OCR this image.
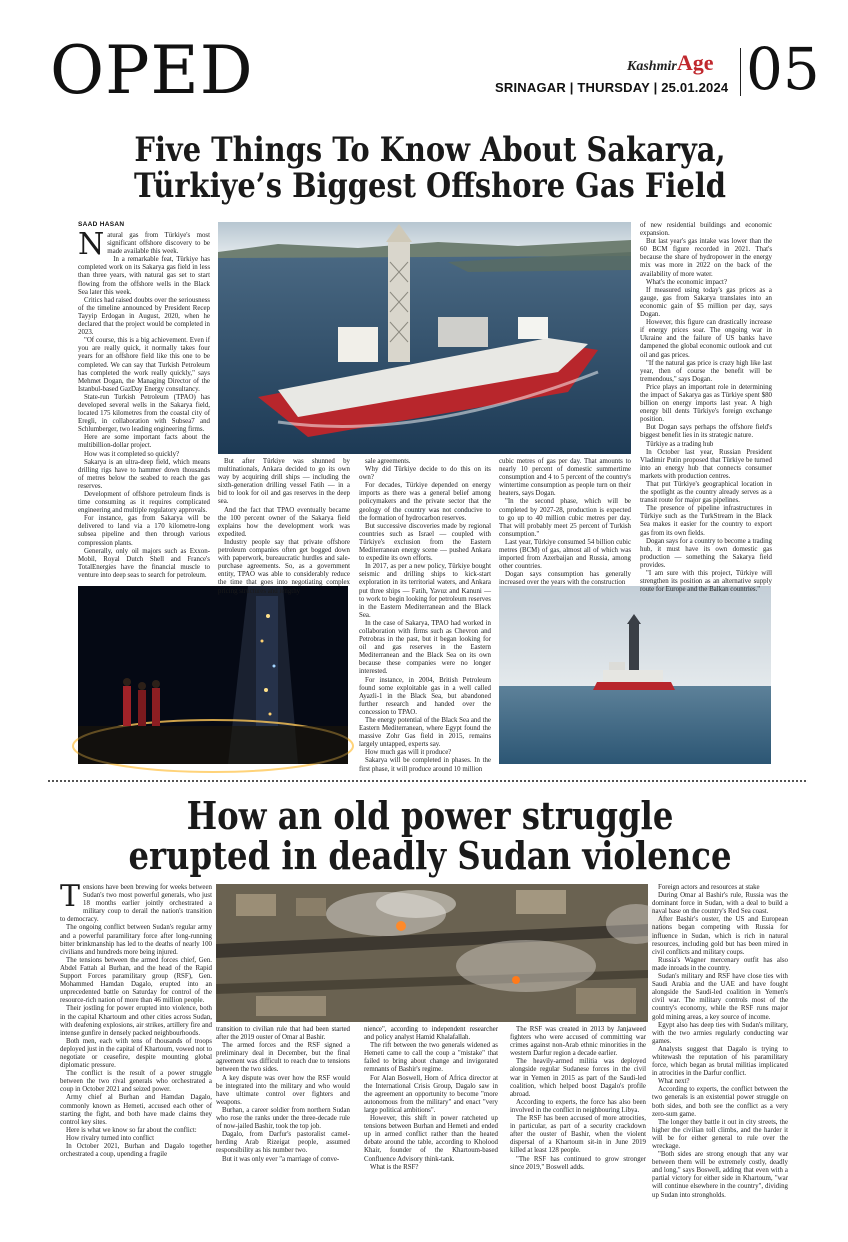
OPED	KashmirAge
SRINAGAR | THURSDAY | 25.01.2024 05
Five Things To Know About Sakarya,
Türkiye’s Biggest Offshore Gas Field
SAAD HASAN

Natural gas from Türkiye's most significant offshore discovery to be made available this week.

In a remarkable feat, Türkiye has completed work on its Sakarya gas field in less than three years, with natural gas set to start flowing from the offshore wells in the Black Sea later this week.

Critics had raised doubts over the seriousness of the timeline announced by President Recep Tayyip Erdogan in August, 2020, when he declared that the project would be completed in 2023.

"Of course, this is a big achievement. Even if you are really quick, it normally takes four years for an offshore field like this one to be completed. We can say that Turkish Petroleum has completed the work really quickly," says Mehmet Dogan, the Managing Director of the Istanbul-based GazDay Energy consultancy.

State-run Turkish Petroleum (TPAO) has developed several wells in the Sakarya field, located 175 kilometres from the coastal city of Eregli, in collaboration with Subsea7 and Schlumberger, two leading engineering firms.

Here are some important facts about the multibillion-dollar project.

How was it completed so quickly?

Sakarya is an ultra-deep field, which means drilling rigs have to hammer down thousands of metres below the seabed to reach the gas reserves.

Development of offshore petroleum finds is time consuming as it requires complicated engineering and multiple regulatory approvals.

For instance, gas from Sakarya will be delivered to land via a 170 kilometre-long subsea pipeline and then through various compression plants.

Generally, only oil majors such as Exxon-Mobil, Royal Dutch Shell and France's TotalEnergies have the financial muscle to venture into deep seas to search for petroleum.

But after Türkiye was shunned by multinationals, Ankara decided to go its own way by acquiring drill ships — including the sixth-generation drilling vessel Fatih — in a bid to look for oil and gas reserves in the deep sea.

And the fact that TPAO eventually became the 100 percent owner of the Sakarya field explains how the development work was expedited.

Industry people say that private offshore petroleum companies often get bogged down with paperwork, bureaucratic hurdles and sale-purchase agreements. So, as a government entity, TPAO was able to considerably reduce the time that goes into negotiating complex pricing structures and lengthy

sale agreements.

Why did Türkiye decide to do this on its own?

For decades, Türkiye depended on energy imports as there was a general belief among policymakers and the private sector that the geology of the country was not conducive to the formation of hydrocarbon reserves.

But successive discoveries made by regional countries such as Israel — coupled with Türkiye's exclusion from the Eastern Mediterranean energy scene — pushed Ankara to expedite its own efforts.

In 2017, as per a new policy, Türkiye bought seismic and drilling ships to kick-start exploration in its territorial waters, and Ankara put three ships — Fatih, Yavuz and Kanuni — to work to begin looking for petroleum reserves in the Eastern Mediterranean and the Black Sea.

In the case of Sakarya, TPAO had worked in collaboration with firms such as Chevron and Petrobras in the past, but it began looking for oil and gas reserves in the Eastern Mediterranean and the Black Sea on its own because these companies were no longer interested.

For instance, in 2004, British Petroleum found some exploitable gas in a well called Ayazli-1 in the Black Sea, but abandoned further research and handed over the concession to TPAO.

The energy potential of the Black Sea and the Eastern Mediterranean, where Egypt found the massive Zohr Gas field in 2015, remains largely untapped, experts say.

How much gas will it produce?

Sakarya will be completed in phases. In the first phase, it will produce around 10 million

cubic metres of gas per day. That amounts to nearly 10 percent of domestic summertime consumption and 4 to 5 percent of the country's wintertime consumption as people turn on their heaters, says Dogan.

"In the second phase, which will be completed by 2027-28, production is expected to go up to 40 million cubic metres per day. That will probably meet 25 percent of Turkish consumption."

Last year, Türkiye consumed 54 billion cubic metres (BCM) of gas, almost all of which was imported from Azerbaijan and Russia, among other countries.

Dogan says consumption has generally increased over the years with the construction

of new residential buildings and economic expansion.

But last year's gas intake was lower than the 60 BCM figure recorded in 2021. That's because the share of hydropower in the energy mix was more in 2022 on the back of the availability of more water.

What's the economic impact?

If measured using today's gas prices as a gauge, gas from Sakarya translates into an economic gain of $5 million per day, says Dogan.

However, this figure can drastically increase if energy prices soar. The ongoing war in Ukraine and the failure of US banks have dampened the global economic outlook and cut oil and gas prices.

"If the natural gas price is crazy high like last year, then of course the benefit will be tremendous," says Dogan.

Price plays an important role in determining the impact of Sakarya gas as Türkiye spent $80 billion on energy imports last year. A high energy bill dents Türkiye's foreign exchange position.

But Dogan says perhaps the offshore field's biggest benefit lies in its strategic nature.

Türkiye as a trading hub

In October last year, Russian President Vladimir Putin proposed that Türkiye be turned into an energy hub that connects consumer markets with production centres.

That put Türkiye's geographical location in the spotlight as the country already serves as a transit route for major gas pipelines.

The presence of pipeline infrastructures in Türkiye such as the TurkStream in the Black Sea makes it easier for the country to export gas from its own fields.

Dogan says for a country to become a trading hub, it must have its own domestic gas production — something the Sakarya field provides.

"I am sure with this project, Türkiye will strengthen its position as an alternative supply route for Europe and the Balkan countries."

How an old power struggle
erupted in deadly Sudan violence

Tensions have been brewing for weeks between Sudan's two most powerful generals, who just 18 months earlier jointly orchestrated a military coup to derail the nation's transition to democracy.

The ongoing conflict between Sudan's regular army and a powerful paramilitary force after long-running bitter brinkmanship has led to the deaths of nearly 100 civilians and hundreds more being injured.

The tensions between the armed forces chief, Gen. Abdel Fattah al Burhan, and the head of the Rapid Support Forces paramilitary group (RSF), Gen. Mohammed Hamdan Dagalo, erupted into an unprecedented battle on Saturday for control of the resource-rich nation of more than 46 million people.

Their jostling for power erupted into violence, both in the capital Khartoum and other cities across Sudan, with deafening explosions, air strikes, artillery fire and intense gunfire in densely packed neighbourhoods.

Both men, each with tens of thousands of troops deployed just in the capital of Khartoum, vowed not to negotiate or ceasefire, despite mounting global diplomatic pressure.

The conflict is the result of a power struggle between the two rival generals who orchestrated a coup in October 2021 and seized power.

Army chief al Burhan and Hamdan Dagalo, commonly known as Hemeti, accused each other of starting the fight, and both have made claims they control key sites.

Here is what we know so far about the conflict:

How rivalry turned into conflict

In October 2021, Burhan and Dagalo together orchestrated a coup, upending a fragile

transition to civilian rule that had been started after the 2019 ouster of Omar al Bashir.

The armed forces and the RSF signed a preliminary deal in December, but the final agreement was difficult to reach due to tensions between the two sides.

A key dispute was over how the RSF would be integrated into the military and who would have ultimate control over fighters and weapons.

Burhan, a career soldier from northern Sudan who rose the ranks under the three-decade rule of now-jailed Bashir, took the top job.

Dagalo, from Darfur's pastoralist camel-herding Arab Rizeigat people, assumed responsibility as his number two.

But it was only ever "a marriage of conve-

nience", according to independent researcher and policy analyst Hamid Khalafallah.

The rift between the two generals widened as Hemeti came to call the coup a "mistake" that failed to bring about change and invigorated remnants of Bashir's regime.

For Alan Boswell, Horn of Africa director at the International Crisis Group, Dagalo saw in the agreement an opportunity to become "more autonomous from the military" and enact "very large political ambitions".

However, this shift in power ratcheted up tensions between Burhan and Hemeti and ended up in armed conflict rather than the heated debate around the table, according to Kholood Khair, founder of the Khartoum-based Confluence Advisory think-tank.

What is the RSF?

The RSF was created in 2013 by Janjaweed fighters who were accused of committing war crimes against non-Arab ethnic minorities in the western Darfur region a decade earlier.

The heavily-armed militia was deployed alongside regular Sudanese forces in the civil war in Yemen in 2015 as part of the Saudi-led coalition, which helped boost Dagalo's profile abroad.

According to experts, the force has also been involved in the conflict in neighbouring Libya.

The RSF has been accused of more atrocities, in particular, as part of a security crackdown after the ouster of Bashir, when the violent dispersal of a Khartoum sit-in in June 2019 killed at least 128 people.

"The RSF has continued to grow stronger since 2019," Boswell adds.

Foreign actors and resources at stake

During Omar al Bashir's rule, Russia was the dominant force in Sudan, with a deal to build a naval base on the country's Red Sea coast.

After Bashir's ouster, the US and European nations began competing with Russia for influence in Sudan, which is rich in natural resources, including gold but has been mired in civil conflicts and military coups.

Russia's Wagner mercenary outfit has also made inroads in the country.

Sudan's military and RSF have close ties with Saudi Arabia and the UAE and have fought alongside the Saudi-led coalition in Yemen's civil war. The military controls most of the country's economy, while the RSF runs major gold mining areas, a key source of income.

Egypt also has deep ties with Sudan's military, with the two armies regularly conducting war games.

Analysts suggest that Dagalo is trying to whitewash the reputation of his paramilitary force, which began as brutal militias implicated in atrocities in the Darfur conflict.

What next?

According to experts, the conflict between the two generals is an existential power struggle on both sides, and both see the conflict as a very zero-sum game.

The longer they battle it out in city streets, the higher the civilian toll climbs, and the harder it will be for either general to rule over the wreckage.

"Both sides are strong enough that any war between them will be extremely costly, deadly and long," says Boswell, adding that even with a partial victory for either side in Khartoum, "war will continue elsewhere in the country", dividing up Sudan into strongholds.
